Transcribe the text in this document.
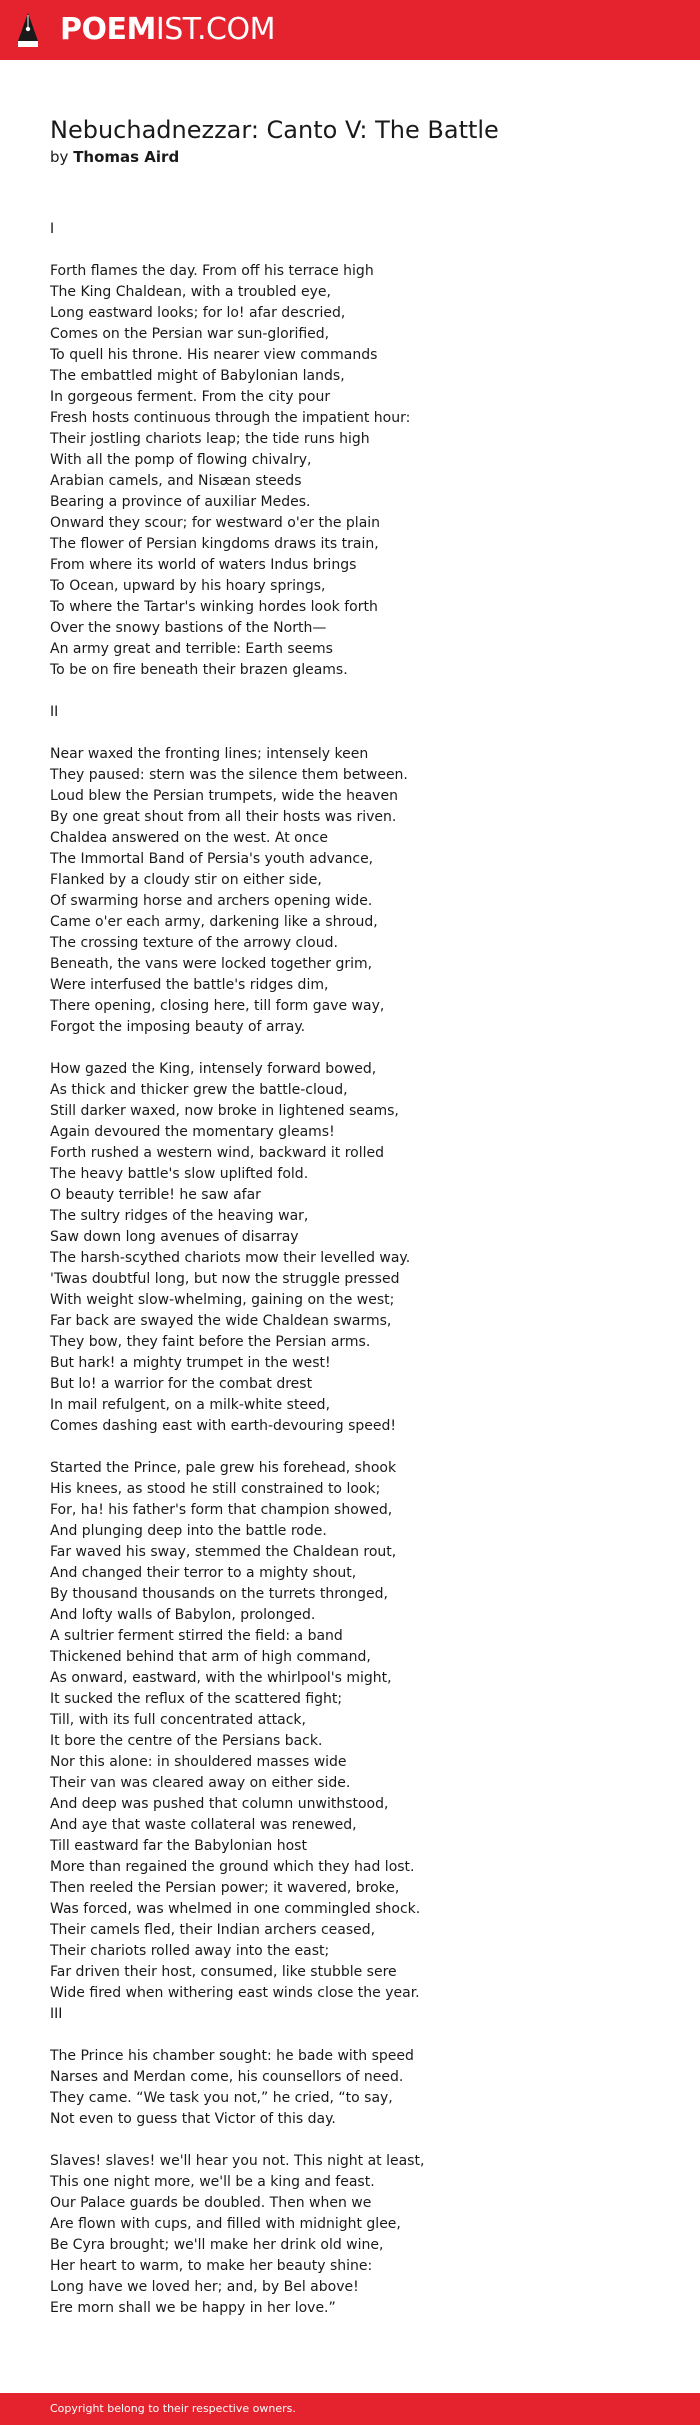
POEMIST.COM
Nebuchadnezzar: Canto V: The Battle
by Thomas Aird
I
Forth flames the day. From off his terrace high
The King Chaldean, with a troubled eye,
Long eastward looks; for lo! afar descried,
Comes on the Persian war sun-glorified,
To quell his throne. His nearer view commands
The embattled might of Babylonian lands,
In gorgeous ferment. From the city pour
Fresh hosts continuous through the impatient hour:
Their jostling chariots leap; the tide runs high
With all the pomp of flowing chivalry,
Arabian camels, and Nisæan steeds
Bearing a province of auxiliar Medes.
Onward they scour; for westward o'er the plain
The flower of Persian kingdoms draws its train,
From where its world of waters Indus brings
To Ocean, upward by his hoary springs,
To where the Tartar's winking hordes look forth
Over the snowy bastions of the North—
An army great and terrible: Earth seems
To be on fire beneath their brazen gleams.
II
Near waxed the fronting lines; intensely keen
They paused: stern was the silence them between.
Loud blew the Persian trumpets, wide the heaven
By one great shout from all their hosts was riven.
Chaldea answered on the west. At once
The Immortal Band of Persia's youth advance,
Flanked by a cloudy stir on either side,
Of swarming horse and archers opening wide.
Came o'er each army, darkening like a shroud,
The crossing texture of the arrowy cloud.
Beneath, the vans were locked together grim,
Were interfused the battle's ridges dim,
There opening, closing here, till form gave way,
Forgot the imposing beauty of array.
How gazed the King, intensely forward bowed,
As thick and thicker grew the battle-cloud,
Still darker waxed, now broke in lightened seams,
Again devoured the momentary gleams!
Forth rushed a western wind, backward it rolled
The heavy battle's slow uplifted fold.
O beauty terrible! he saw afar
The sultry ridges of the heaving war,
Saw down long avenues of disarray
The harsh-scythed chariots mow their levelled way.
'Twas doubtful long, but now the struggle pressed
With weight slow-whelming, gaining on the west;
Far back are swayed the wide Chaldean swarms,
They bow, they faint before the Persian arms.
But hark! a mighty trumpet in the west!
But lo! a warrior for the combat drest
In mail refulgent, on a milk-white steed,
Comes dashing east with earth-devouring speed!
Started the Prince, pale grew his forehead, shook
His knees, as stood he still constrained to look;
For, ha! his father's form that champion showed,
And plunging deep into the battle rode.
Far waved his sway, stemmed the Chaldean rout,
And changed their terror to a mighty shout,
By thousand thousands on the turrets thronged,
And lofty walls of Babylon, prolonged.
A sultrier ferment stirred the field: a band
Thickened behind that arm of high command,
As onward, eastward, with the whirlpool's might,
It sucked the reflux of the scattered fight;
Till, with its full concentrated attack,
It bore the centre of the Persians back.
Nor this alone: in shouldered masses wide
Their van was cleared away on either side.
And deep was pushed that column unwithstood,
And aye that waste collateral was renewed,
Till eastward far the Babylonian host
More than regained the ground which they had lost.
Then reeled the Persian power; it wavered, broke,
Was forced, was whelmed in one commingled shock.
Their camels fled, their Indian archers ceased,
Their chariots rolled away into the east;
Far driven their host, consumed, like stubble sere
Wide fired when withering east winds close the year.
III
The Prince his chamber sought: he bade with speed
Narses and Merdan come, his counsellors of need.
They came. “We task you not,” he cried, “to say,
Not even to guess that Victor of this day.
Slaves! slaves! we'll hear you not. This night at least,
This one night more, we'll be a king and feast.
Our Palace guards be doubled. Then when we
Are flown with cups, and filled with midnight glee,
Be Cyra brought; we'll make her drink old wine,
Her heart to warm, to make her beauty shine:
Long have we loved her; and, by Bel above!
Ere morn shall we be happy in her love.”
Copyright belong to their respective owners.
